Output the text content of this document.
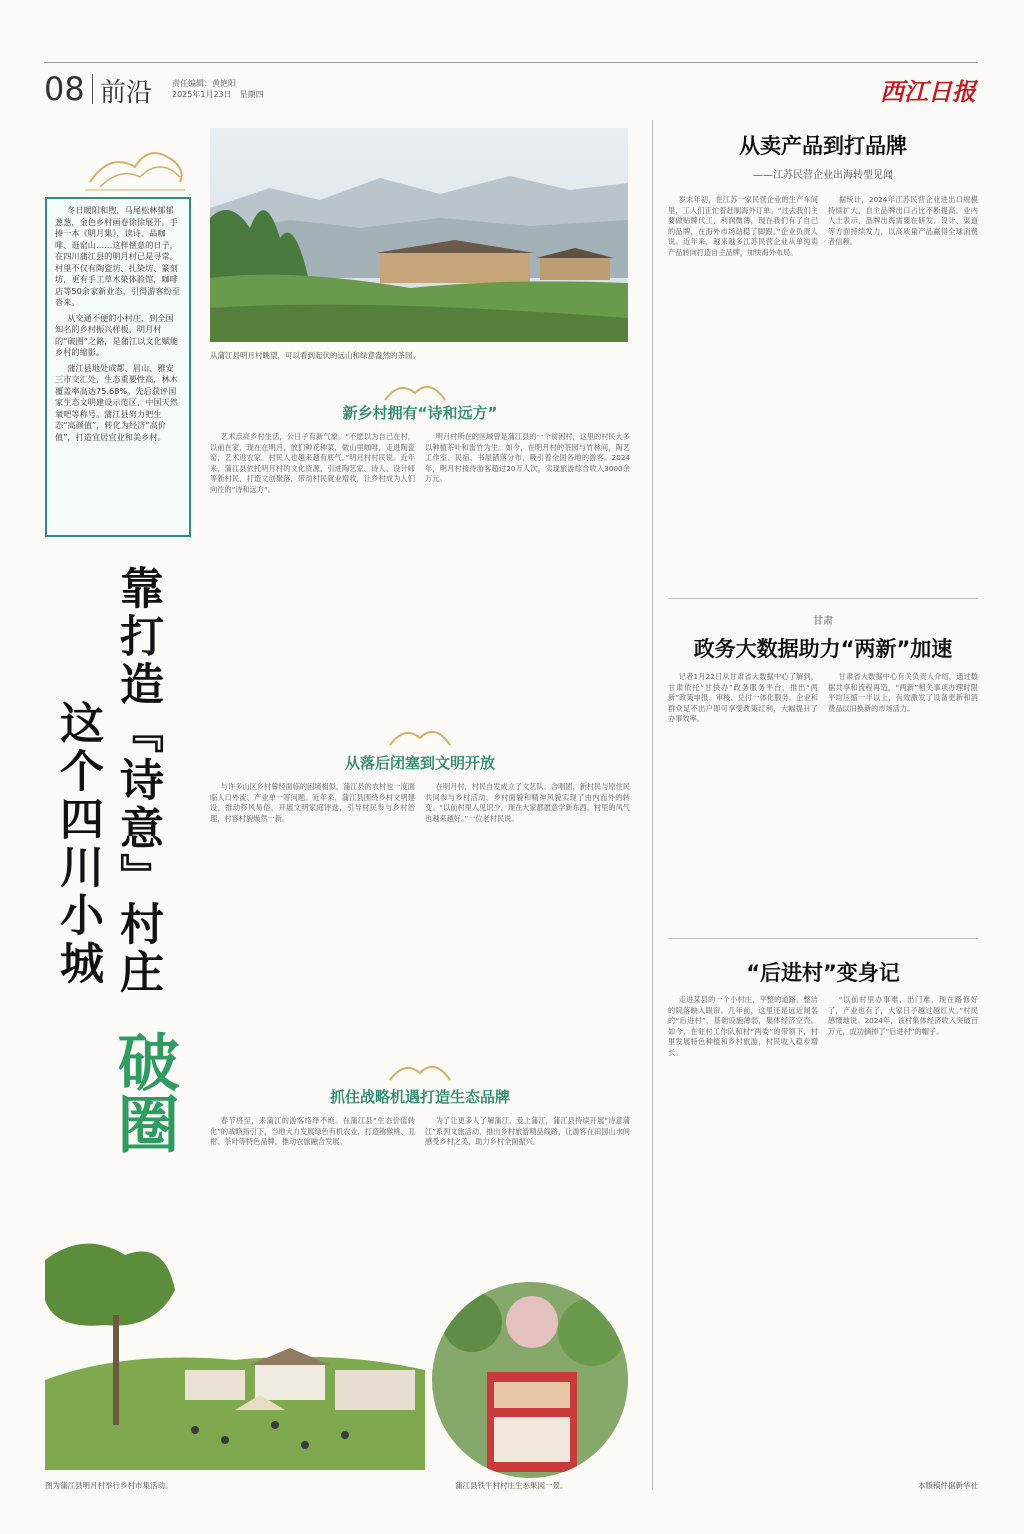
08 前沿 责任编辑：黄艳阳
2025年1月23日　星期四	西江日报

冬日暖阳和煦，马尾松林郁郁葱葱，金色乡村画卷徐徐展开。手捧一本《明月集》，读诗、品咖啡、逛窑山……这样惬意的日子，在四川蒲江县的明月村已是寻常。村里不仅有陶瓷坊、扎染坊、篆刻坊，更有手工草木染体验馆，咖啡店等50余家新业态，引得游客纷至沓来。

从交通不便的小村庄，到全国知名的乡村振兴样板，明月村的“破圈”之路，是蒲江以文化赋能乡村的缩影。

蒲江县地处成都、眉山、雅安三市交汇处，生态重要性高，林木覆盖率高达75.68%。先后获评国家生态文明建设示范区、中国天然氧吧等称号。蒲江县努力把生态“高颜值”，转化为经济“高价值”，打造宜居宜业和美乡村。

靠打造『诗意』村庄
这个四川小城
破圈
从蒲江县明月村眺望，可以看到起伏的远山和绿意盎然的茶园。
新乡村拥有“诗和远方”

艺术点亮乡村生活，公日子有新气象。“不愿以为自己在村，以前在家，现在在明月，放们种花种菜，做山里咖啡，走进陶瓷窑，艺术进农家。村民人也越来越有底气。”明月村村民说。近年来，蒲江县依托明月村的文化资源，引进陶艺家、诗人、设计师等新村民，打造文创聚落，带动村民就业增收，让乡村成为人们向往的“诗和远方”。

明月村所在的区域曾是蒲江县的一个贫困村，这里的村民大多以种植茶叶和雷竹为生。如今，在明月村的茶园与竹林间，陶艺工作室、民宿、书屋错落分布，吸引着全国各地的游客。2024年，明月村接待游客超过20万人次，实现旅游综合收入3000余万元。

从落后闭塞到文明开放

与许多山区乡村曾经面临的困境相似，蒲江县的农村也一度面临人口外流、产业单一等问题。近年来，蒲江县围绕乡村文明建设，推动移风易俗，开展文明家庭评选，引导村民参与乡村治理，村容村貌焕然一新。

在明月村，村民自发成立了文艺队、合唱团，新村民与原住民共同参与乡村活动，乡村面貌和精神风貌实现了由内而外的转变。“以前村里人见识少，现在大家都愿意学新东西，村里的风气也越来越好。”一位老村民说。

抓住战略机遇打造生态品牌

春节将至，来蒲江的游客络绎不绝。在蒲江县“生态价值转化”的战略指引下，当地大力发展绿色有机农业，打造猕猴桃、丑柑、茶叶等特色品牌，推动农旅融合发展。

为了让更多人了解蒲江、爱上蒲江，蒲江县持续开展“诗意蒲江”系列文旅活动，推出乡村旅游精品线路，让游客在田园山水间感受乡村之美，助力乡村全面振兴。

图为蒲江县明月村举行乡村市集活动。	蒲江县铁牛村村庄生态果园一景。
从卖产品到打品牌
——江苏民营企业出海转型见闻

岁末年初，在江苏一家民营企业的生产车间里，工人们正忙着赶制海外订单。“过去我们主要做贴牌代工，利润微薄，现在我们有了自己的品牌，在海外市场站稳了脚跟。”企业负责人说。近年来，越来越多江苏民营企业从单纯卖产品转向打造自主品牌，加快海外布局。

据统计，2024年江苏民营企业进出口规模持续扩大，自主品牌出口占比不断提高。业内人士表示，品牌出海需要在研发、设计、渠道等方面持续发力，以高质量产品赢得全球消费者信赖。

甘肃
政务大数据助力“两新”加速

记者1月22日从甘肃省大数据中心了解到，甘肃依托“甘快办”政务服务平台，推出“两新”政策申报、审核、兑付一体化服务，企业和群众足不出户即可享受政策红利，大幅提升了办事效率。

甘肃省大数据中心有关负责人介绍，通过数据共享和流程再造，“两新”相关事项办理时限平均压缩一半以上，有效激发了设备更新和消费品以旧换新的市场活力。

“后进村”变身记

走进某县的一个小村庄，平整的道路、整洁的院落映入眼帘。几年前，这里还是远近闻名的“后进村”，基础设施薄弱，集体经济空壳。如今，在驻村工作队和村“两委”的带领下，村里发展特色种植和乡村旅游，村民收入稳步增长。

“以前村里办事难、出门难，现在路修好了，产业也有了，大家日子越过越红火。”村民感慨地说。2024年，该村集体经济收入突破百万元，成功摘掉了“后进村”的帽子。

本版稿件据新华社
